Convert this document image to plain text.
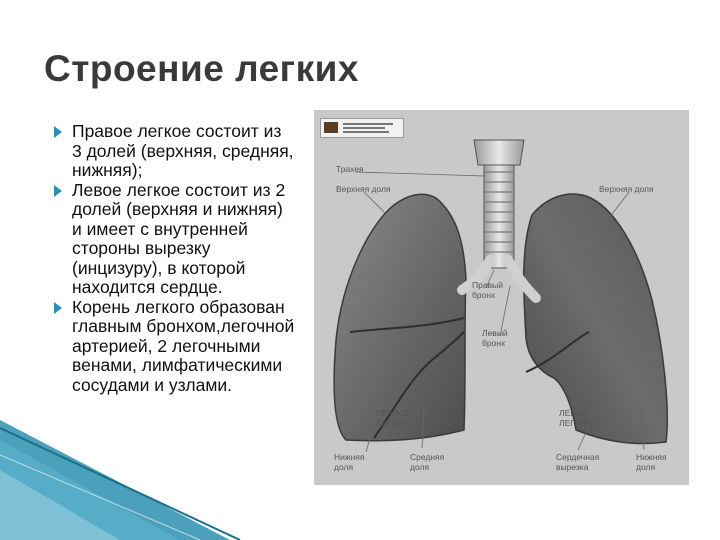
Строение легких
Правое легкое состоит из 3 долей (верхняя, средняя, нижняя);
Левое легкое состоит из 2 долей (верхняя и нижняя) и имеет с внутренней стороны вырезку (инцизуру), в которой находится сердце.
Корень легкого образован главным бронхом,легочной артерией, 2 легочными венами, лимфатическими сосудами и узлами.
Трахея
Верхняя доля	Верхняя доля
Правый
бронх
Левый
бронх
ПРАВОЕ
ЛЕГКОЕ
ЛЕВОЕ
ЛЕГКОЕ
Нижняя
доля
Средняя
доля
Сердечная
вырезка
Нижняя
доля
